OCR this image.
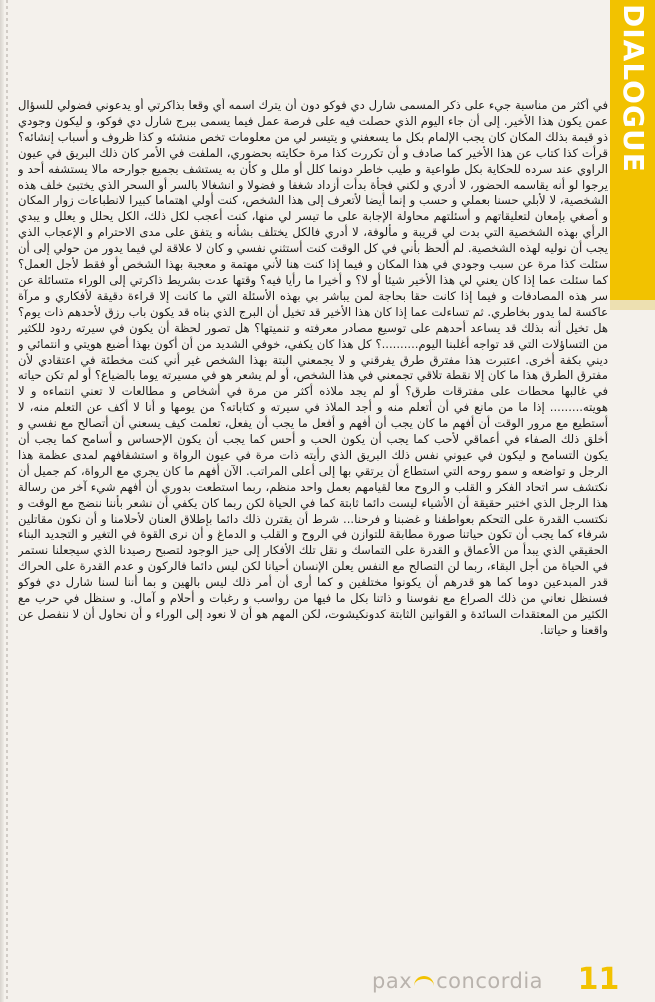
DIALOGUE

في أكثر من مناسبة جيء على ذكر المسمى شارل دي فوكو دون أن يترك اسمه أي وقعا بذاكرتي أو يدعوني فضولي للسؤال عمن يكون هذا الأخير. إلى أن جاء اليوم الذي حصلت فيه على فرصة عمل فيما يسمى ببرج شارل دي فوكو، و ليكون وجودي ذو قيمة بذلك المكان كان يجب الإلمام بكل ما يسعفني و يتيسر لي من معلومات تخص منشئه و كذا ظروف و أسباب إنشائه؟ قرأت كذا كتاب عن هذا الأخير كما صادف و أن تكررت كذا مرة حكايته بحضوري، الملفت في الأمر كان ذلك البريق في عيون الراوي عند سرده للحكاية بكل طواعية و طيب خاطر دونما كلل أو ملل و كأن به يستشف بجميع جوارحه مالا يستشفه أحد و يرجوا لو أنه يقاسمه الحضور، لا أدري و لكني فجأة بدأت أزداد شغفا و فضولا و انشغالا بالسر أو السحر الذي يختبئ خلف هذه الشخصية، لا لأبلي حسنا بعملي و حسب و إنما أيضا لأتعرف إلى هذا الشخص، كنت أولي اهتماما كبيرا لانطباعات زوار المكان و أصغي بإمعان لتعليقاتهم و أسئلتهم محاولة الإجابة على ما تيسر لي منها، كنت أعجب لكل ذلك، الكل يحلل و يعلل و يبدي الرأي بهذه الشخصية التي بدت لي قريبة و مألوفة، لا أدري فالكل يختلف بشأنه و يتفق على مدى الاحترام و الإعجاب الذي يجب أن نوليه لهذه الشخصية. لم ألحظ بأني في كل الوقت كنت أستثني نفسي و كان لا علاقة لي فيما يدور من حولي إلى أن سئلت كذا مرة عن سبب وجودي في هذا المكان و فيما إذا كنت هنا لأني مهتمة و معجبة بهذا الشخص أو فقط لأجل العمل؟ كما سئلت عما إذا كان يعني لي هذا الأخير شيئا أو لا؟ و أخيرا ما رأيا فيه؟ وقتها عدت بشريط ذاكرتي إلى الوراء متسائلة عن سر هذه المصادفات و فيما إذا كانت حقا بحاجة لمن يباشر بي بهذه الأسئلة التي ما كانت إلا قراءة دقيقة لأفكاري و مرآة عاكسة لما يدور بخاطري. ثم تساءلت عما إذا كان هذا الأخير قد تخيل أن البرج الذي بناه قد يكون باب رزق لأحدهم ذات يوم؟ هل تخيل أنه بذلك قد يساعد أحدهم على توسيع مصادر معرفته و تنميتها؟ هل تصور لحظة أن يكون في سيرته ردود للكثير من التساؤلات التي قد تواجه أغلبنا اليوم..........؟ كل هذا كان يكفي، خوفي الشديد من أن أكون بهذا أضيع هويتي و انتمائي و ديني بكفة أخرى. اعتبرت هذا مفترق طرق يفرقني و لا يجمعني البتة بهذا الشخص غير أني كنت مخطئة في اعتقادي لأن مفترق الطرق هذا ما كان إلا نقطة تلاقي تجمعني في هذا الشخص، أو لم يشعر هو في مسيرته يوما بالضياع؟ أو لم تكن حياته في غالبها محطات على مفترقات طرق؟ أو لم يجد ملاذه أكثر من مرة في أشخاص و مطالعات لا تعني انتماءه و لا هويته......... إذا ما من مانع في أن أتعلم منه و أجد الملاذ في سيرته و كتاباته؟ من يومها و أنا لا أكف عن التعلم منه، لا أستطيع مع مرور الوقت أن أفهم ما كان يجب أن أفهم و أفعل ما يجب أن يفعل، تعلمت كيف يسعني أن أتصالح مع نفسي و أخلق ذلك الصفاء في أعماقي لأحب كما يجب أن يكون الحب و أحس كما يجب أن يكون الإحساس و أسامح كما يجب أن يكون التسامح و ليكون في عيوني نفس ذلك البريق الذي رأيته ذات مرة في عيون الرواة و استشفافهم لمدى عظمة هذا الرجل و تواضعه و سمو روحه التي استطاع أن يرتقي بها إلى أعلى المراتب. الآن أفهم ما كان يجري مع الرواة، كم جميل أن نكتشف سر اتحاد الفكر و القلب و الروح معا لقيامهم بعمل واحد منظم، ربما استطعت بدوري أن أفهم شيء آخر من رسالة هذا الرجل الذي اختبر حقيقة أن الأشياء ليست دائما ثابتة كما في الحياة لكن ربما كان يكفي أن نشعر بأننا ننضج مع الوقت و نكتسب القدرة على التحكم بعواطفنا و غضبنا و فرحنا... شرط أن يقترن ذلك دائما بإطلاق العنان لأحلامنا و أن نكون مقاتلين شرفاء كما يجب أن تكون حياتنا صورة مطابقة للتوازن في الروح و القلب و الدماغ و أن نرى القوة في التغير و التجديد البناء الحقيقي الذي يبدأ من الأعماق و القدرة على التماسك و نقل تلك الأفكار إلى حيز الوجود لتصبح رصيدنا الذي سيجعلنا نستمر في الحياة من أجل البقاء، ربما لن التصالح مع النفس يعلن الإنسان أحيانا لكن ليس دائما فالركون و عدم القدرة على الحراك قدر المبدعين دوما كما هو قدرهم أن يكونوا مختلفين و كما أرى أن أمر ذلك ليس بالهين و بما أننا لسنا شارل دي فوكو فسنظل نعاني من ذلك الصراع مع نفوسنا و ذاتنا بكل ما فيها من رواسب و رغبات و أحلام و آمال. و سنظل في حرب مع الكثير من المعتقدات السائدة و القوانين الثابتة كدونكيشوت، لكن المهم هو أن لا نعود إلى الوراء و أن نحاول أن لا ننفصل عن واقعنا و حياتنا.

pax concordia	11
